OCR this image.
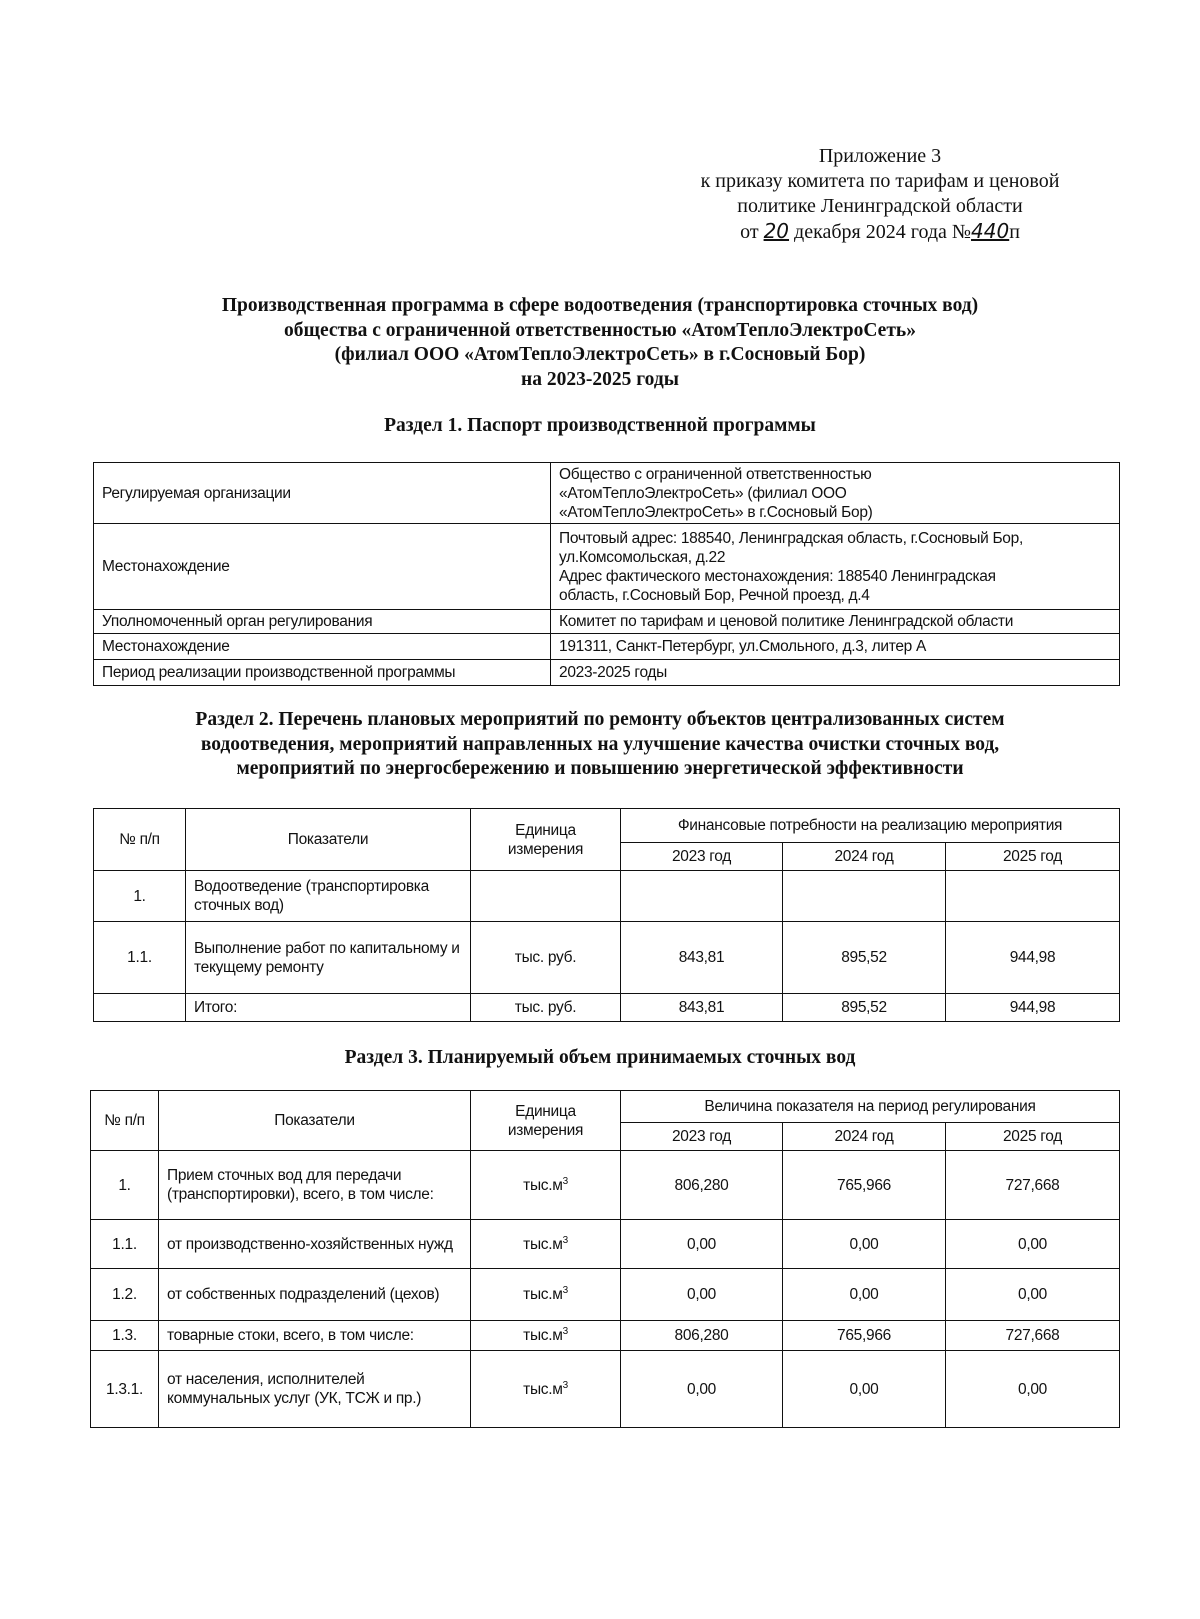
Приложение 3
к приказу комитета по тарифам и ценовой
политике Ленинградской области
от 20 декабря 2024 года №440п
Производственная программа в сфере водоотведения (транспортировка сточных вод)
общества с ограниченной ответственностью «АтомТеплоЭлектроСеть»
(филиал ООО «АтомТеплоЭлектроСеть» в г.Сосновый Бор)
на 2023-2025 годы
Раздел 1. Паспорт производственной программы
Регулируемая организации	Общество с ограниченной ответственностью
«АтомТеплоЭлектроСеть» (филиал ООО
«АтомТеплоЭлектроСеть» в г.Сосновый Бор)

Местонахождение	Почтовый адрес: 188540, Ленинградская область, г.Сосновый Бор,
ул.Комсомольская, д.22
Адрес фактического местонахождения: 188540 Ленинградская
область, г.Сосновый Бор, Речной проезд, д.4

Уполномоченный орган регулирования	Комитет по тарифам и ценовой политике Ленинградской области

Местонахождение	191311, Санкт-Петербург, ул.Смольного, д.3, литер А

Период реализации производственной программы	2023-2025 годы
Раздел 2. Перечень плановых мероприятий по ремонту объектов централизованных систем
водоотведения, мероприятий направленных на улучшение качества очистки сточных вод,
мероприятий по энергосбережению и повышению энергетической эффективности
№ п/п	Показатели	Единица измерения	Финансовые потребности на реализацию мероприятия		
			2023 год	2024 год	2025 год
1.	Водоотведение (транспортировка сточных вод)				
1.1.	Выполнение работ по капитальному и текущему ремонту	тыс. руб.	843,81	895,52	944,98
	Итого:	тыс. руб.	843,81	895,52	944,98
Раздел 3. Планируемый объем принимаемых сточных вод
№ п/п	Показатели	Единица измерения	Величина показателя на период регулирования		
			2023 год	2024 год	2025 год
1.	Прием сточных вод для передачи (транспортировки), всего, в том числе:	$тыс.м^3$	806,280	765,966	727,668
1.1.	от производственно-хозяйственных нужд	$тыс.м^3$	0,00	0,00	0,00
1.2.	от собственных подразделений (цехов)	$тыс.м^3$	0,00	0,00	0,00
1.3.	товарные стоки, всего, в том числе:	$тыс.м^3$	806,280	765,966	727,668
1.3.1.	от населения, исполнителей коммунальных услуг (УК, ТСЖ и пр.)	$тыс.м^3$	0,00	0,00	0,00
